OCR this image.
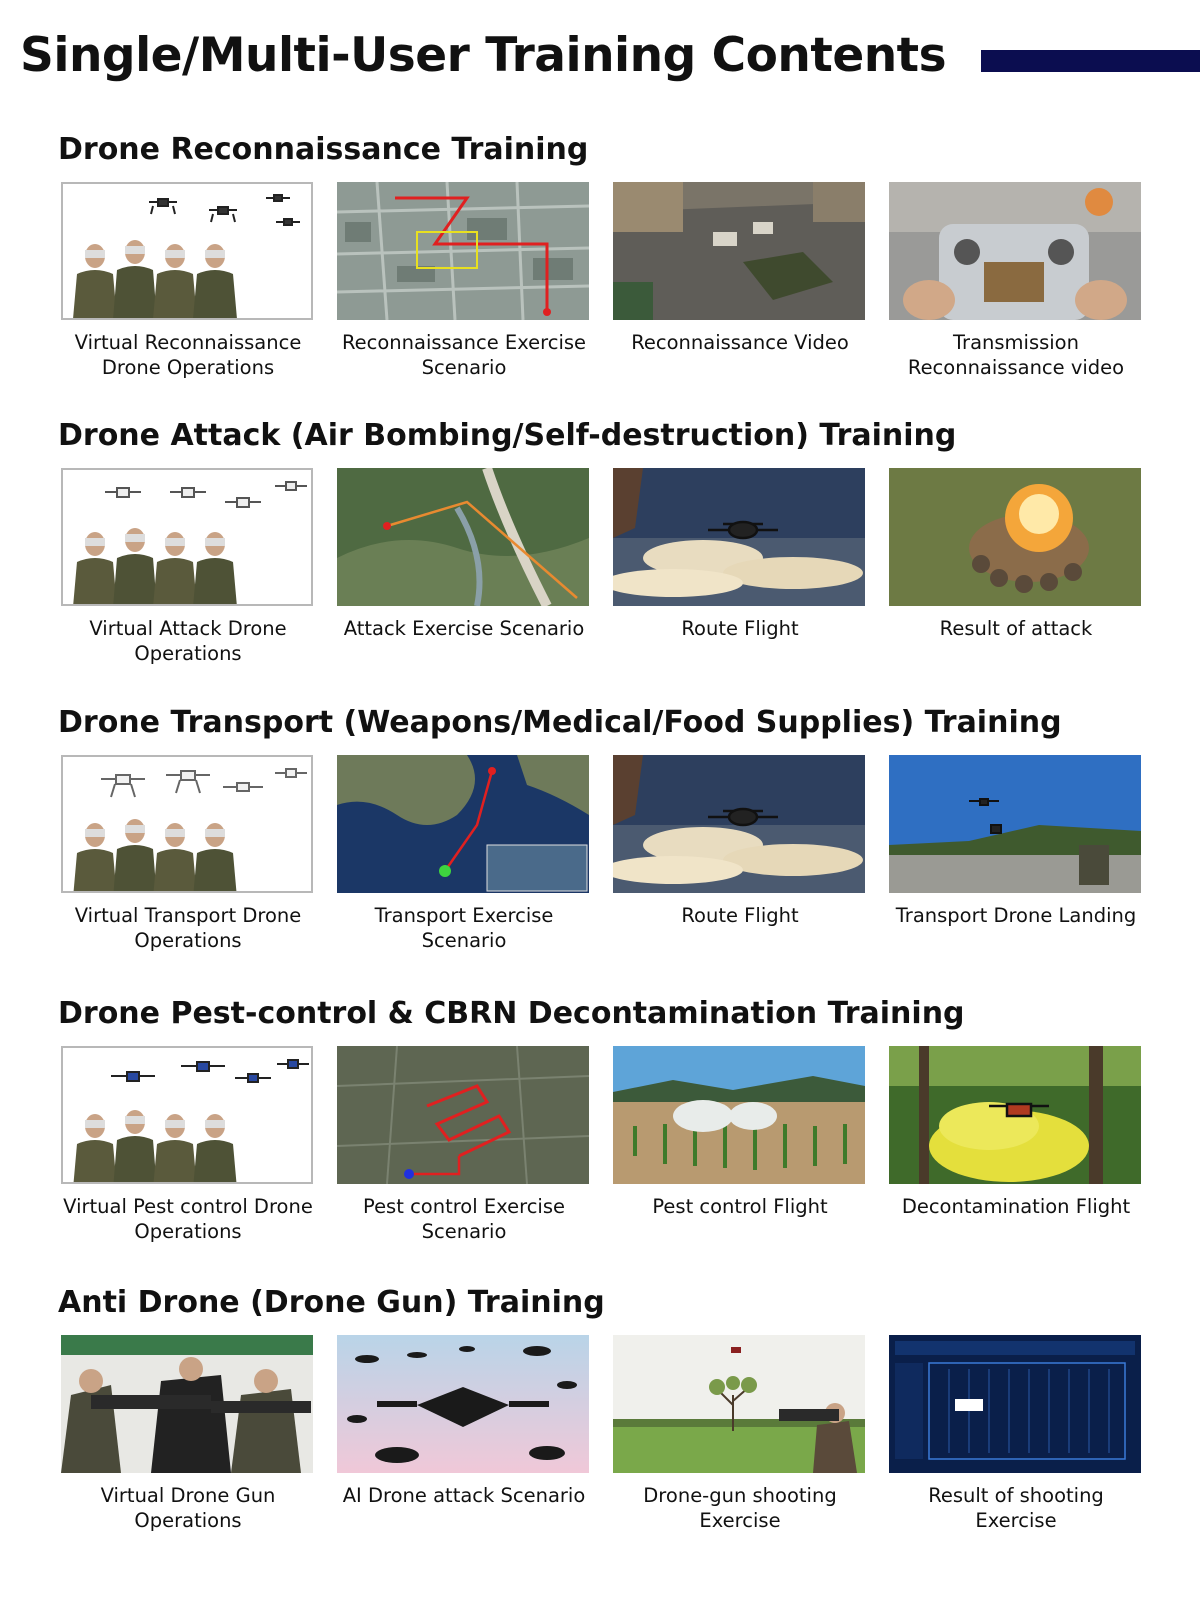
Single/Multi-User Training Contents
Drone Reconnaissance Training
Virtual Reconnaissance
Drone Operations
Reconnaissance Exercise
Scenario
Reconnaissance Video	Transmission
Reconnaissance video
Drone Attack (Air Bombing/Self-destruction) Training
Virtual Attack Drone
Operations
Attack Exercise Scenario	Route Flight	Result of attack
Drone Transport (Weapons/Medical/Food Supplies) Training
Virtual Transport Drone
Operations
Transport Exercise
Scenario
Route Flight	Transport Drone Landing
Drone Pest-control & CBRN Decontamination Training
Virtual Pest control Drone
Operations
Pest control Exercise
Scenario
Pest control Flight	Decontamination Flight
Anti Drone (Drone Gun) Training
Virtual Drone Gun
Operations
AI Drone attack Scenario	Drone-gun shooting
Exercise
Result of shooting Exercise
